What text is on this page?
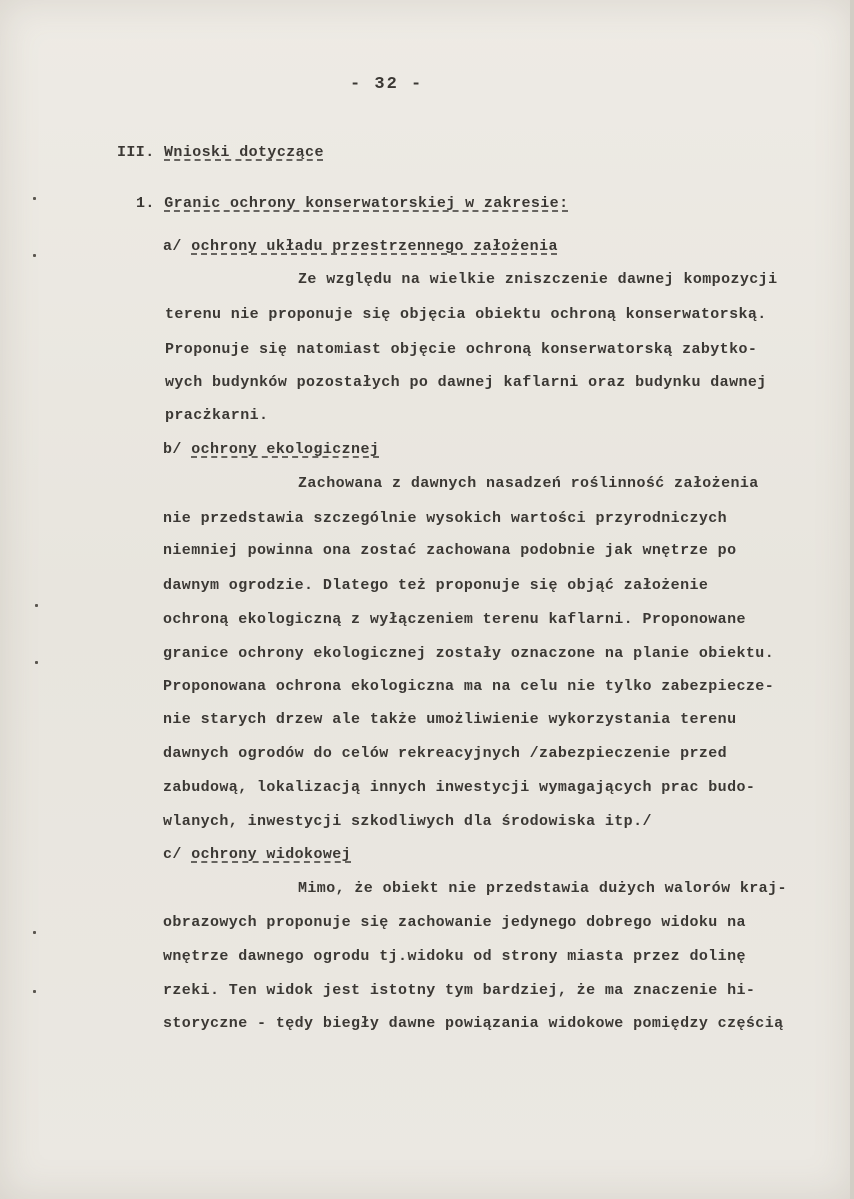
- 32 -
III. Wnioski dotyczące
1. Granic ochrony konserwatorskiej w zakresie:
a/ ochrony układu przestrzennego założenia
Ze względu na wielkie zniszczenie dawnej kompozycji
terenu nie proponuje się objęcia obiektu ochroną konserwatorską.
Proponuje się natomiast objęcie ochroną konserwatorską zabytko-
wych budynków pozostałych po dawnej kaflarni oraz budynku dawnej
pracżkarni.
b/ ochrony ekologicznej
Zachowana z dawnych nasadzeń roślinność założenia
nie przedstawia szczególnie wysokich wartości przyrodniczych
niemniej powinna ona zostać zachowana podobnie jak wnętrze po
dawnym ogrodzie. Dlatego też proponuje się objąć założenie
ochroną ekologiczną z wyłączeniem terenu kaflarni. Proponowane
granice ochrony ekologicznej zostały oznaczone na planie obiektu.
Proponowana ochrona ekologiczna ma na celu nie tylko zabezpiecze-
nie starych drzew ale także umożliwienie wykorzystania terenu
dawnych ogrodów do celów rekreacyjnych /zabezpieczenie przed
zabudową, lokalizacją innych inwestycji wymagających prac budo-
wlanych, inwestycji szkodliwych dla środowiska itp./
c/ ochrony widokowej
Mimo, że obiekt nie przedstawia dużych walorów kraj-
obrazowych proponuje się zachowanie jedynego dobrego widoku na
wnętrze dawnego ogrodu tj.widoku od strony miasta przez dolinę
rzeki. Ten widok jest istotny tym bardziej, że ma znaczenie hi-
storyczne - tędy biegły dawne powiązania widokowe pomiędzy częścią
